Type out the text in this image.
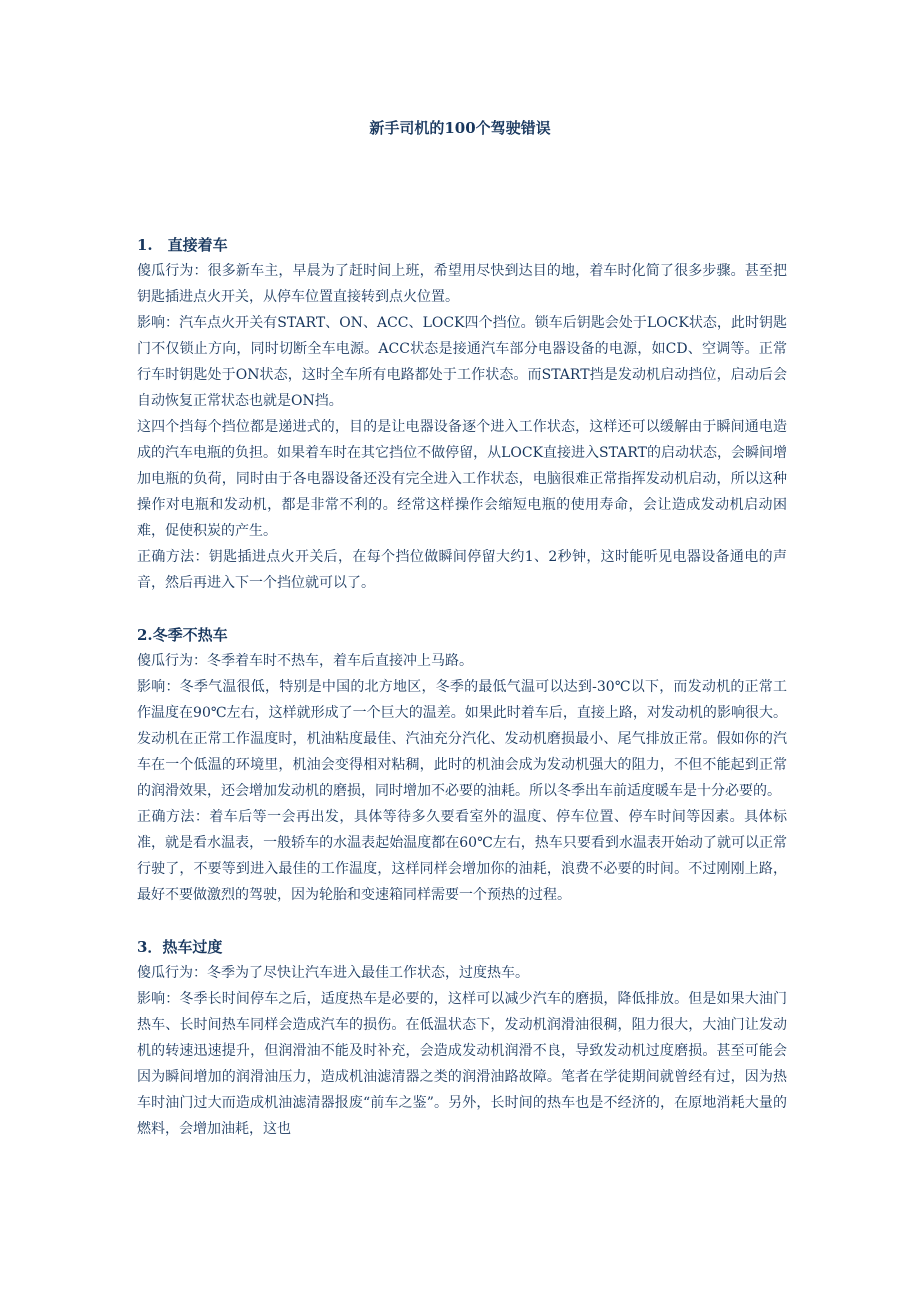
新手司机的100个驾驶错误
1.　直接着车

傻瓜行为：很多新车主，早晨为了赶时间上班，希望用尽快到达目的地，着车时化简了很多步骤。甚至把钥匙插进点火开关，从停车位置直接转到点火位置。

影响：汽车点火开关有START、ON、ACC、LOCK四个挡位。锁车后钥匙会处于LOCK状态，此时钥匙门不仅锁止方向，同时切断全车电源。ACC状态是接通汽车部分电器设备的电源，如CD、空调等。正常行车时钥匙处于ON状态，这时全车所有电路都处于工作状态。而START挡是发动机启动挡位，启动后会自动恢复正常状态也就是ON挡。

这四个挡每个挡位都是递进式的，目的是让电器设备逐个进入工作状态，这样还可以缓解由于瞬间通电造成的汽车电瓶的负担。如果着车时在其它挡位不做停留，从LOCK直接进入START的启动状态，会瞬间增加电瓶的负荷，同时由于各电器设备还没有完全进入工作状态，电脑很难正常指挥发动机启动，所以这种操作对电瓶和发动机，都是非常不利的。经常这样操作会缩短电瓶的使用寿命，会让造成发动机启动困难，促使积炭的产生。

正确方法：钥匙插进点火开关后，在每个挡位做瞬间停留大约1、2秒钟，这时能听见电器设备通电的声音，然后再进入下一个挡位就可以了。

2.冬季不热车

傻瓜行为：冬季着车时不热车，着车后直接冲上马路。

影响：冬季气温很低，特别是中国的北方地区，冬季的最低气温可以达到-30℃以下，而发动机的正常工作温度在90℃左右，这样就形成了一个巨大的温差。如果此时着车后，直接上路，对发动机的影响很大。发动机在正常工作温度时，机油粘度最佳、汽油充分汽化、发动机磨损最小、尾气排放正常。假如你的汽车在一个低温的环境里，机油会变得相对粘稠，此时的机油会成为发动机强大的阻力，不但不能起到正常的润滑效果，还会增加发动机的磨损，同时增加不必要的油耗。所以冬季出车前适度暖车是十分必要的。

正确方法：着车后等一会再出发，具体等待多久要看室外的温度、停车位置、停车时间等因素。具体标准，就是看水温表，一般轿车的水温表起始温度都在60℃左右，热车只要看到水温表开始动了就可以正常行驶了，不要等到进入最佳的工作温度，这样同样会增加你的油耗，浪费不必要的时间。不过刚刚上路，最好不要做激烈的驾驶，因为轮胎和变速箱同样需要一个预热的过程。

3．热车过度

傻瓜行为：冬季为了尽快让汽车进入最佳工作状态，过度热车。

影响：冬季长时间停车之后，适度热车是必要的，这样可以减少汽车的磨损，降低排放。但是如果大油门热车、长时间热车同样会造成汽车的损伤。在低温状态下，发动机润滑油很稠，阻力很大，大油门让发动机的转速迅速提升，但润滑油不能及时补充，会造成发动机润滑不良，导致发动机过度磨损。甚至可能会因为瞬间增加的润滑油压力，造成机油滤清器之类的润滑油路故障。笔者在学徒期间就曾经有过，因为热车时油门过大而造成机油滤清器报废“前车之鉴”。另外，长时间的热车也是不经济的，在原地消耗大量的燃料，会增加油耗，这也
